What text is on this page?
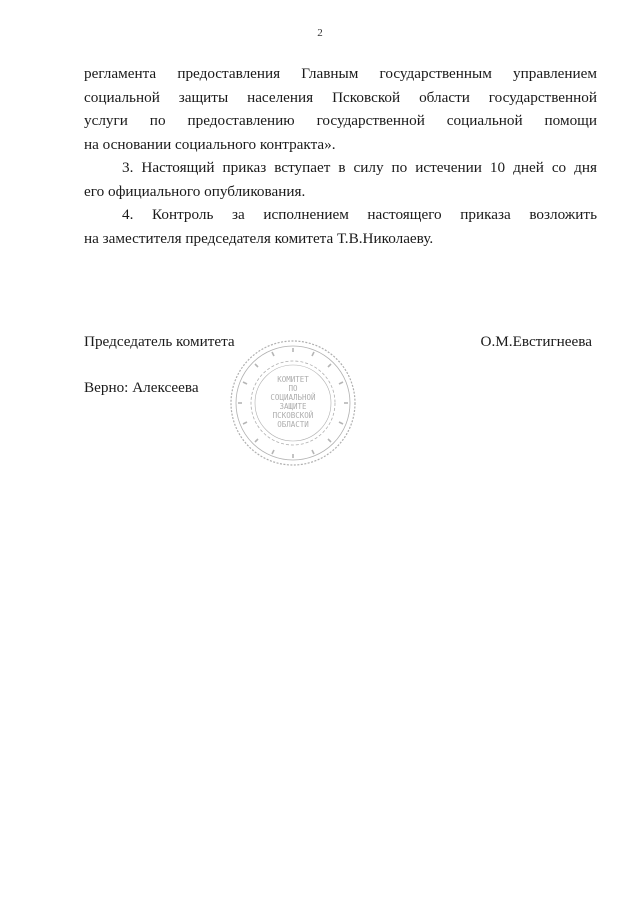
2

регламента предоставления Главным государственным управлением
социальной защиты населения Псковской области государственной
услуги по предоставлению государственной социальной помощи
на основании социального контракта».

3. Настоящий приказ вступает в силу по истечении 10 дней со дня
его официального опубликования.

4. Контроль за исполнением настоящего приказа возложить
на заместителя председателя комитета Т.В.Николаеву.

Председатель комитета	О.М.Евстигнеева
Верно: Алексеева	КОМИТЕТ
ПО
СОЦИАЛЬНОЙ
ЗАЩИТЕ
ПСКОВСКОЙ
ОБЛАСТИ
